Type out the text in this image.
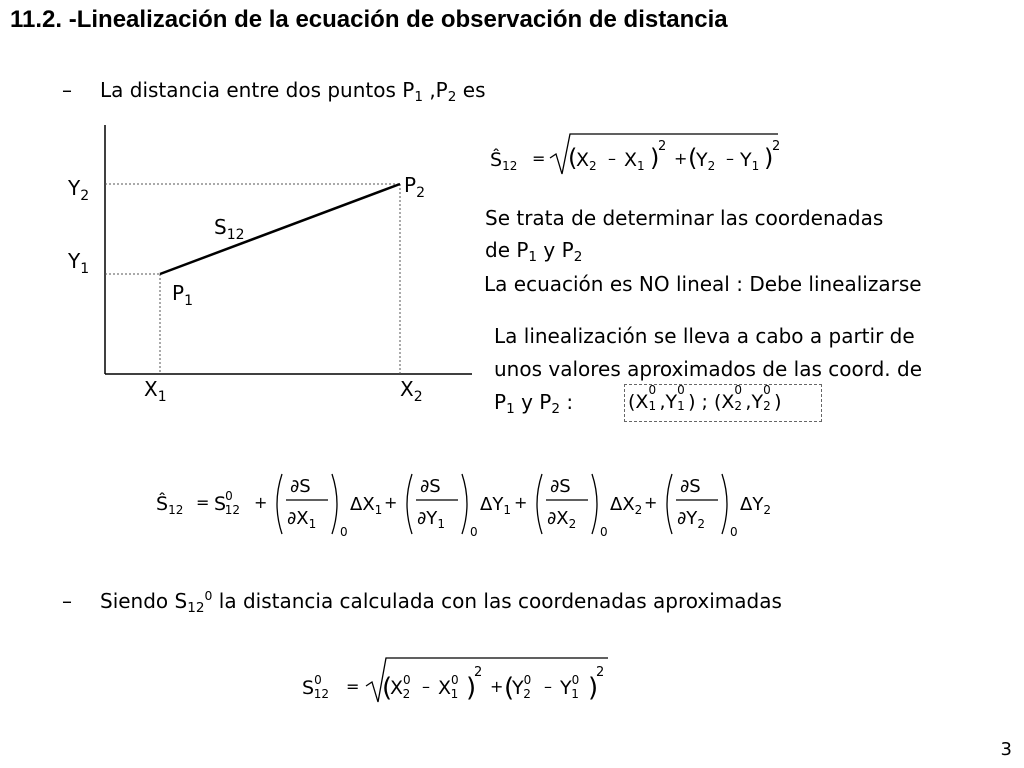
11.2. -Linealización de la ecuación de observación de distancia
– La distancia entre dos puntos $P_1$ $,P_2$ es
$Y_2$
$Y_1$
$X_1$	$X_2$
$P_1$
$P_2$
$S_{12}$
$Ŝ_{12}$ = (
$X_2 - X_1$ )
2
+ (
$Y_2 - Y_1$ )
2
Se trata de determinar las coordenadas
de $P_1$ y $P_2$
La ecuación es NO lineal : Debe linealizarse
La linealización se lleva a cabo a partir de
unos valores aproximados de las coord. de
$P_1$ y $P_2$ :	(X
0
1 ,Y
0
1 ) ; (X
0
2 ,Y
0
2 )
$Ŝ_{12} = S0$ 12 +
∂S
$\partial X_1$
0
$\Delta X_1$ +
∂S
$\partial Y_1$
0
$\Delta Y_1$ +
∂S
$\partial X_2$
0
$\Delta X_2$ +
∂S
$\partial Y_2$
0
$\Delta Y_2$
– Siendo $S_{12}^0$ la distancia calculada con las coordenadas aproximadas
$S^0$ 12 = (
$X^0$ $2 - X^0$ 1 )
2
+ (
$Y^0$ $2 - Y^0$ 1 )
2
3
